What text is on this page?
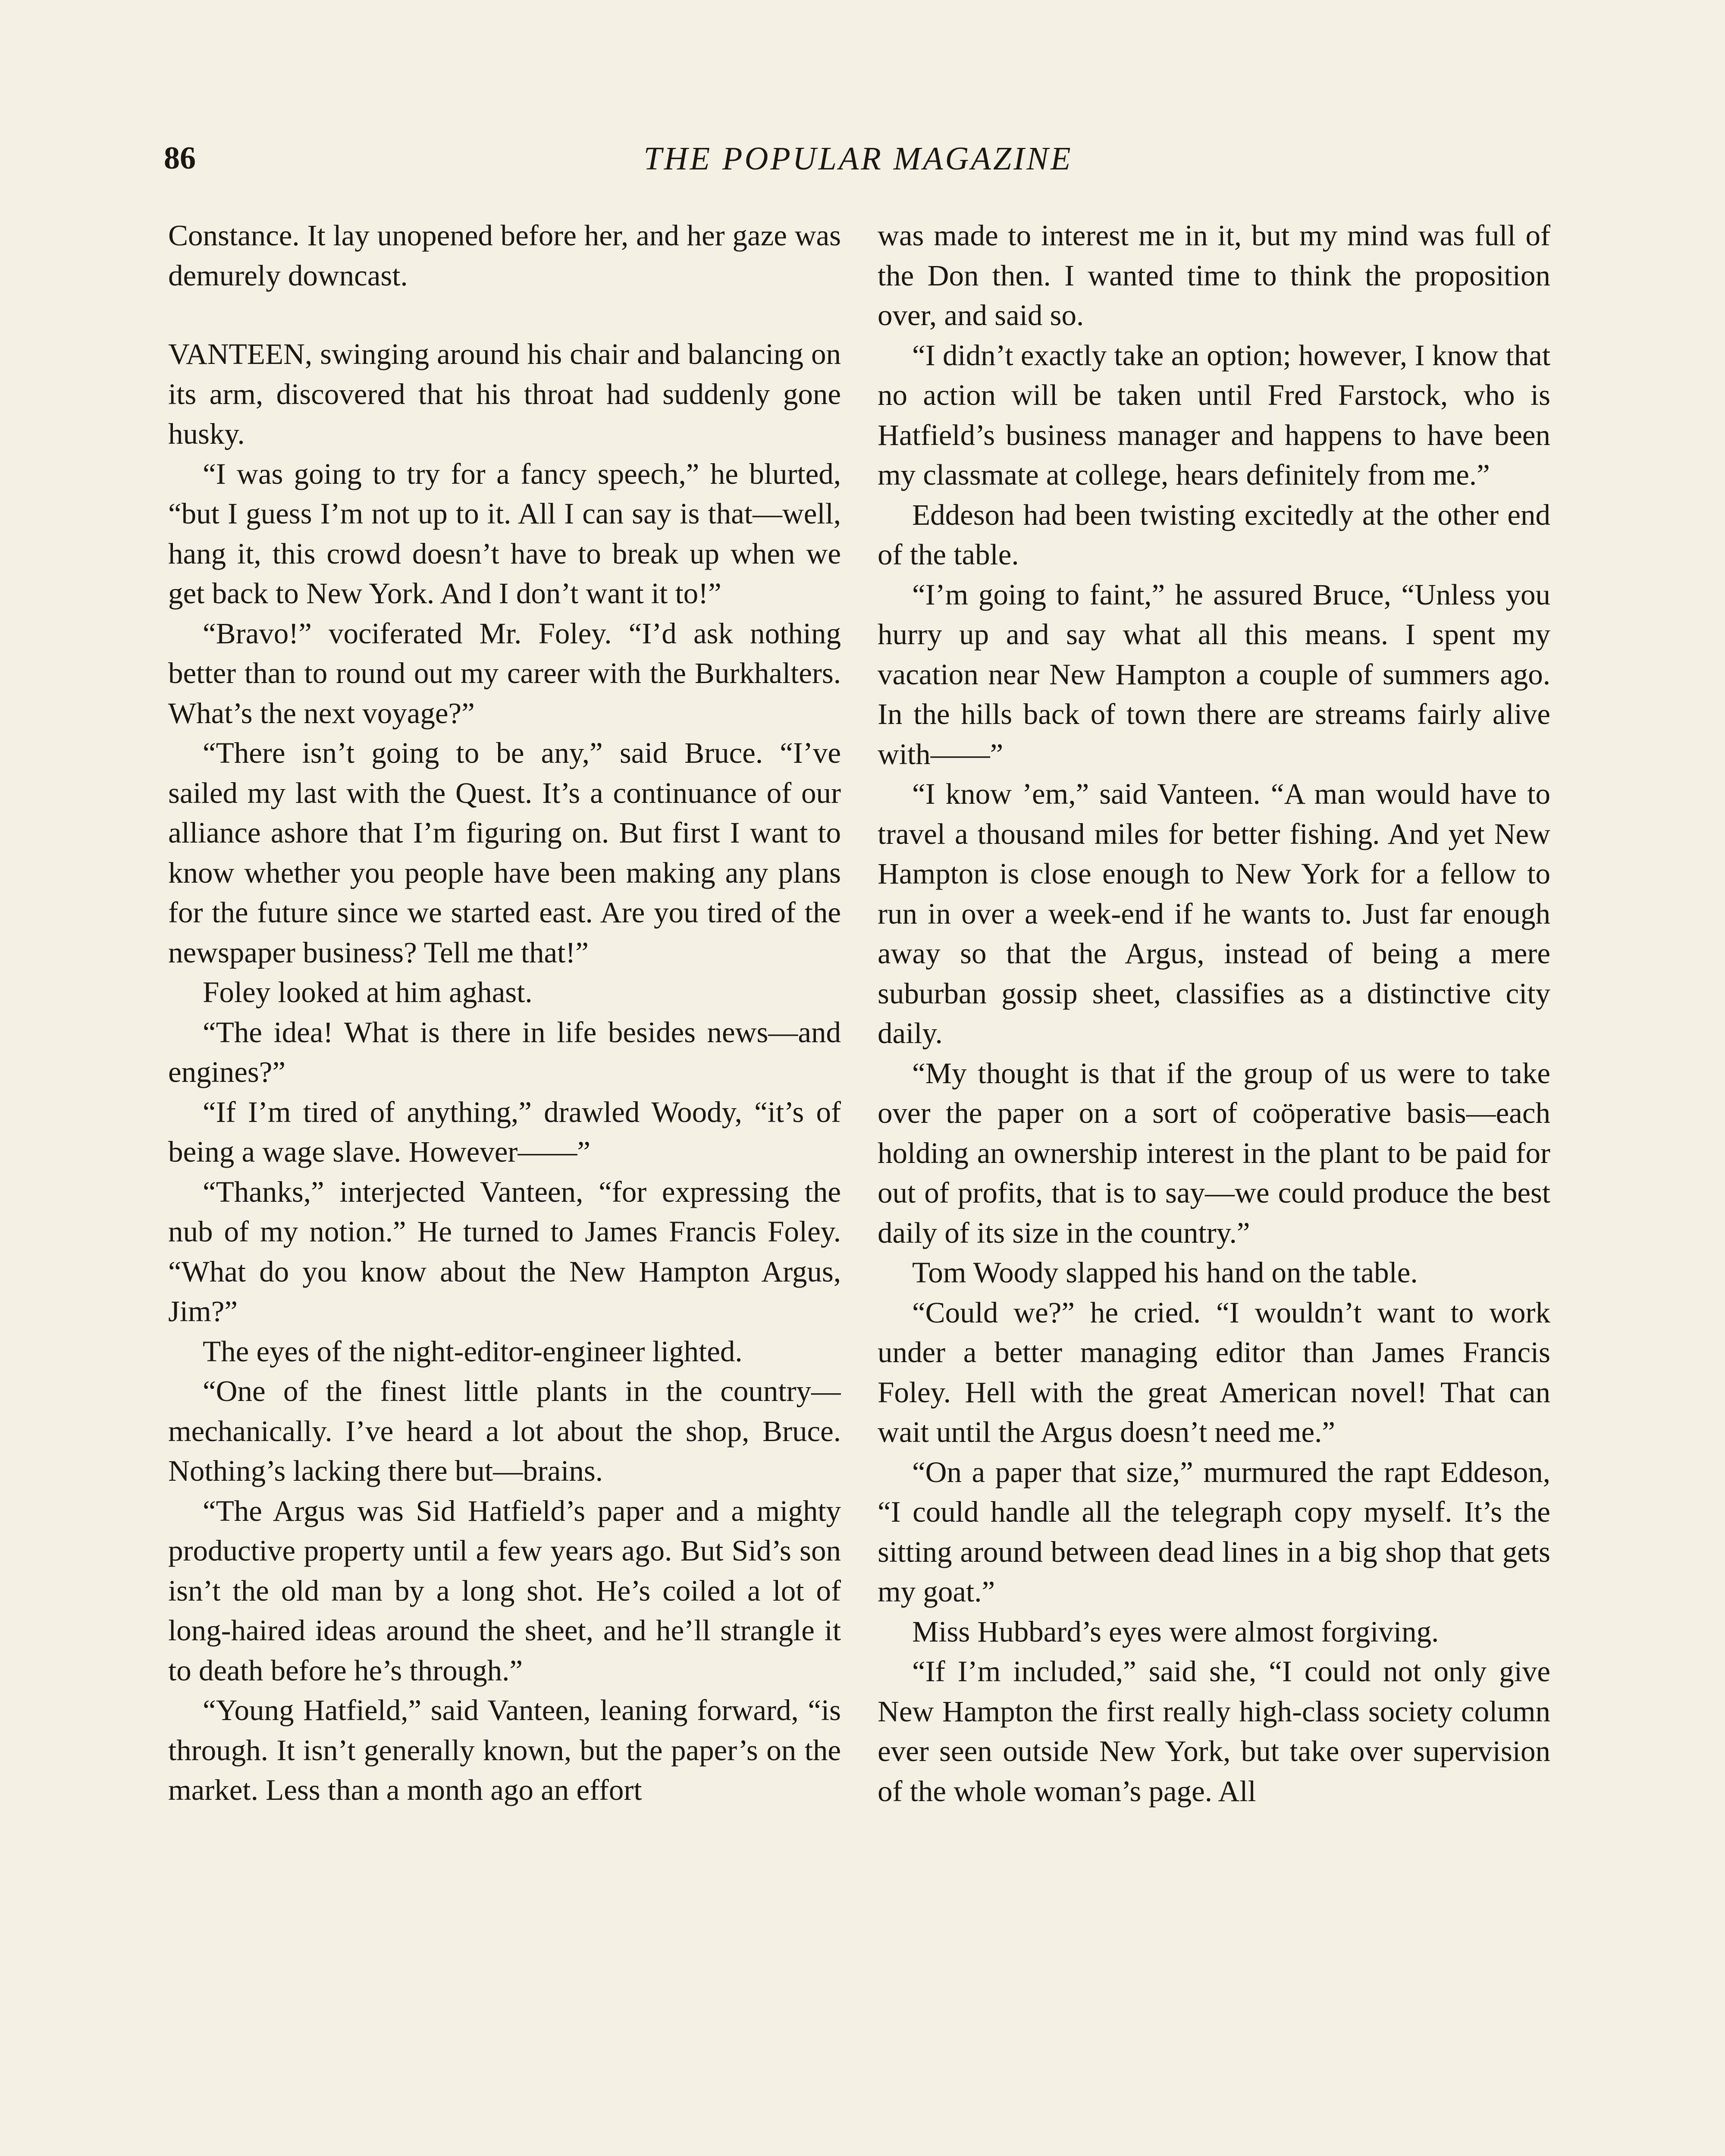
86	THE POPULAR MAGAZINE

Constance. It lay unopened before her, and her gaze was demurely downcast.

VANTEEN, swinging around his chair and balancing on its arm, discovered that his throat had suddenly gone husky.

“I was going to try for a fancy speech,” he blurted, “but I guess I’m not up to it. All I can say is that—well, hang it, this crowd doesn’t have to break up when we get back to New York. And I don’t want it to!”

“Bravo!” vociferated Mr. Foley. “I’d ask nothing better than to round out my career with the Burkhalters. What’s the next voyage?”

“There isn’t going to be any,” said Bruce. “I’ve sailed my last with the Quest. It’s a continuance of our alliance ashore that I’m figuring on. But first I want to know whether you people have been making any plans for the future since we started east. Are you tired of the newspaper business? Tell me that!”

Foley looked at him aghast.

“The idea! What is there in life besides news—and engines?”

“If I’m tired of anything,” drawled Woody, “it’s of being a wage slave. However——”

“Thanks,” interjected Vanteen, “for expressing the nub of my notion.” He turned to James Francis Foley. “What do you know about the New Hampton Argus, Jim?”

The eyes of the night-editor-engineer lighted.

“One of the finest little plants in the country—mechanically. I’ve heard a lot about the shop, Bruce. Nothing’s lacking there but—brains.

“The Argus was Sid Hatfield’s paper and a mighty productive property until a few years ago. But Sid’s son isn’t the old man by a long shot. He’s coiled a lot of long-haired ideas around the sheet, and he’ll strangle it to death before he’s through.”

“Young Hatfield,” said Vanteen, leaning forward, “is through. It isn’t generally known, but the paper’s on the market. Less than a month ago an effort

was made to interest me in it, but my mind was full of the Don then. I wanted time to think the proposition over, and said so.

“I didn’t exactly take an option; however, I know that no action will be taken until Fred Farstock, who is Hatfield’s business manager and happens to have been my classmate at college, hears definitely from me.”

Eddeson had been twisting excitedly at the other end of the table.

“I’m going to faint,” he assured Bruce, “Unless you hurry up and say what all this means. I spent my vacation near New Hampton a couple of summers ago. In the hills back of town there are streams fairly alive with——”

“I know ’em,” said Vanteen. “A man would have to travel a thousand miles for better fishing. And yet New Hampton is close enough to New York for a fellow to run in over a week-end if he wants to. Just far enough away so that the Argus, instead of being a mere suburban gossip sheet, classifies as a distinctive city daily.

“My thought is that if the group of us were to take over the paper on a sort of coöperative basis—each holding an ownership interest in the plant to be paid for out of profits, that is to say—we could produce the best daily of its size in the country.”

Tom Woody slapped his hand on the table.

“Could we?” he cried. “I wouldn’t want to work under a better managing editor than James Francis Foley. Hell with the great American novel! That can wait until the Argus doesn’t need me.”

“On a paper that size,” murmured the rapt Eddeson, “I could handle all the telegraph copy myself. It’s the sitting around between dead lines in a big shop that gets my goat.”

Miss Hubbard’s eyes were almost forgiving.

“If I’m included,” said she, “I could not only give New Hampton the first really high-class society column ever seen outside New York, but take over supervision of the whole woman’s page. All
